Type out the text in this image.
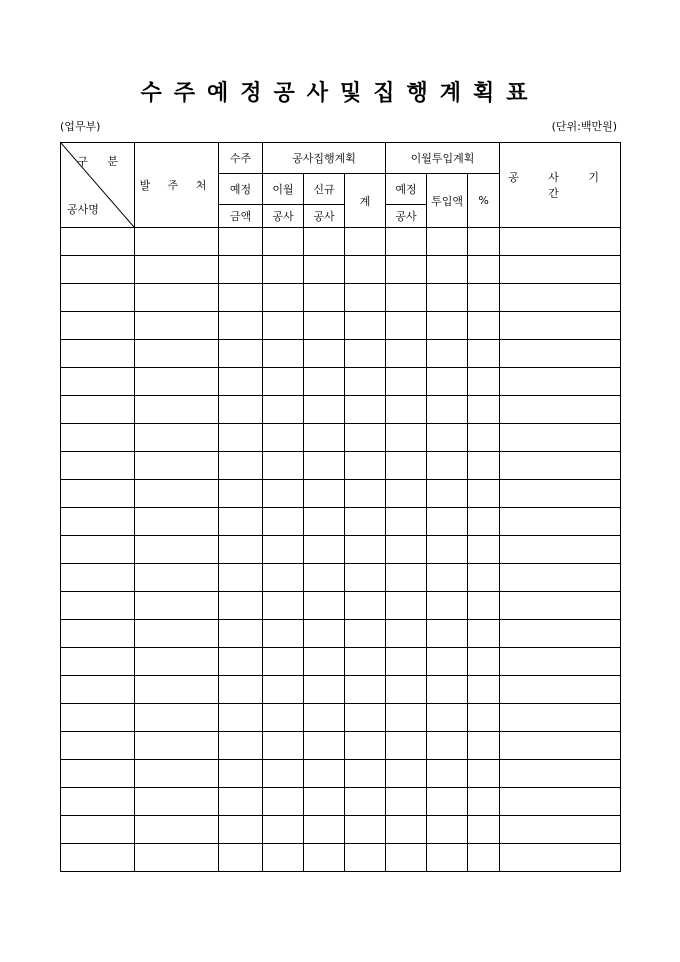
수주예정공사및집행계획표
(업무부)	(단위:백만원)
구 분
공사명	발 주 처	수주	공사집행계획			이월투입계획			공 사 기 간
		예정	이월	신규	계	예정	투입액	%	
		금액	공사	공사		공사			
